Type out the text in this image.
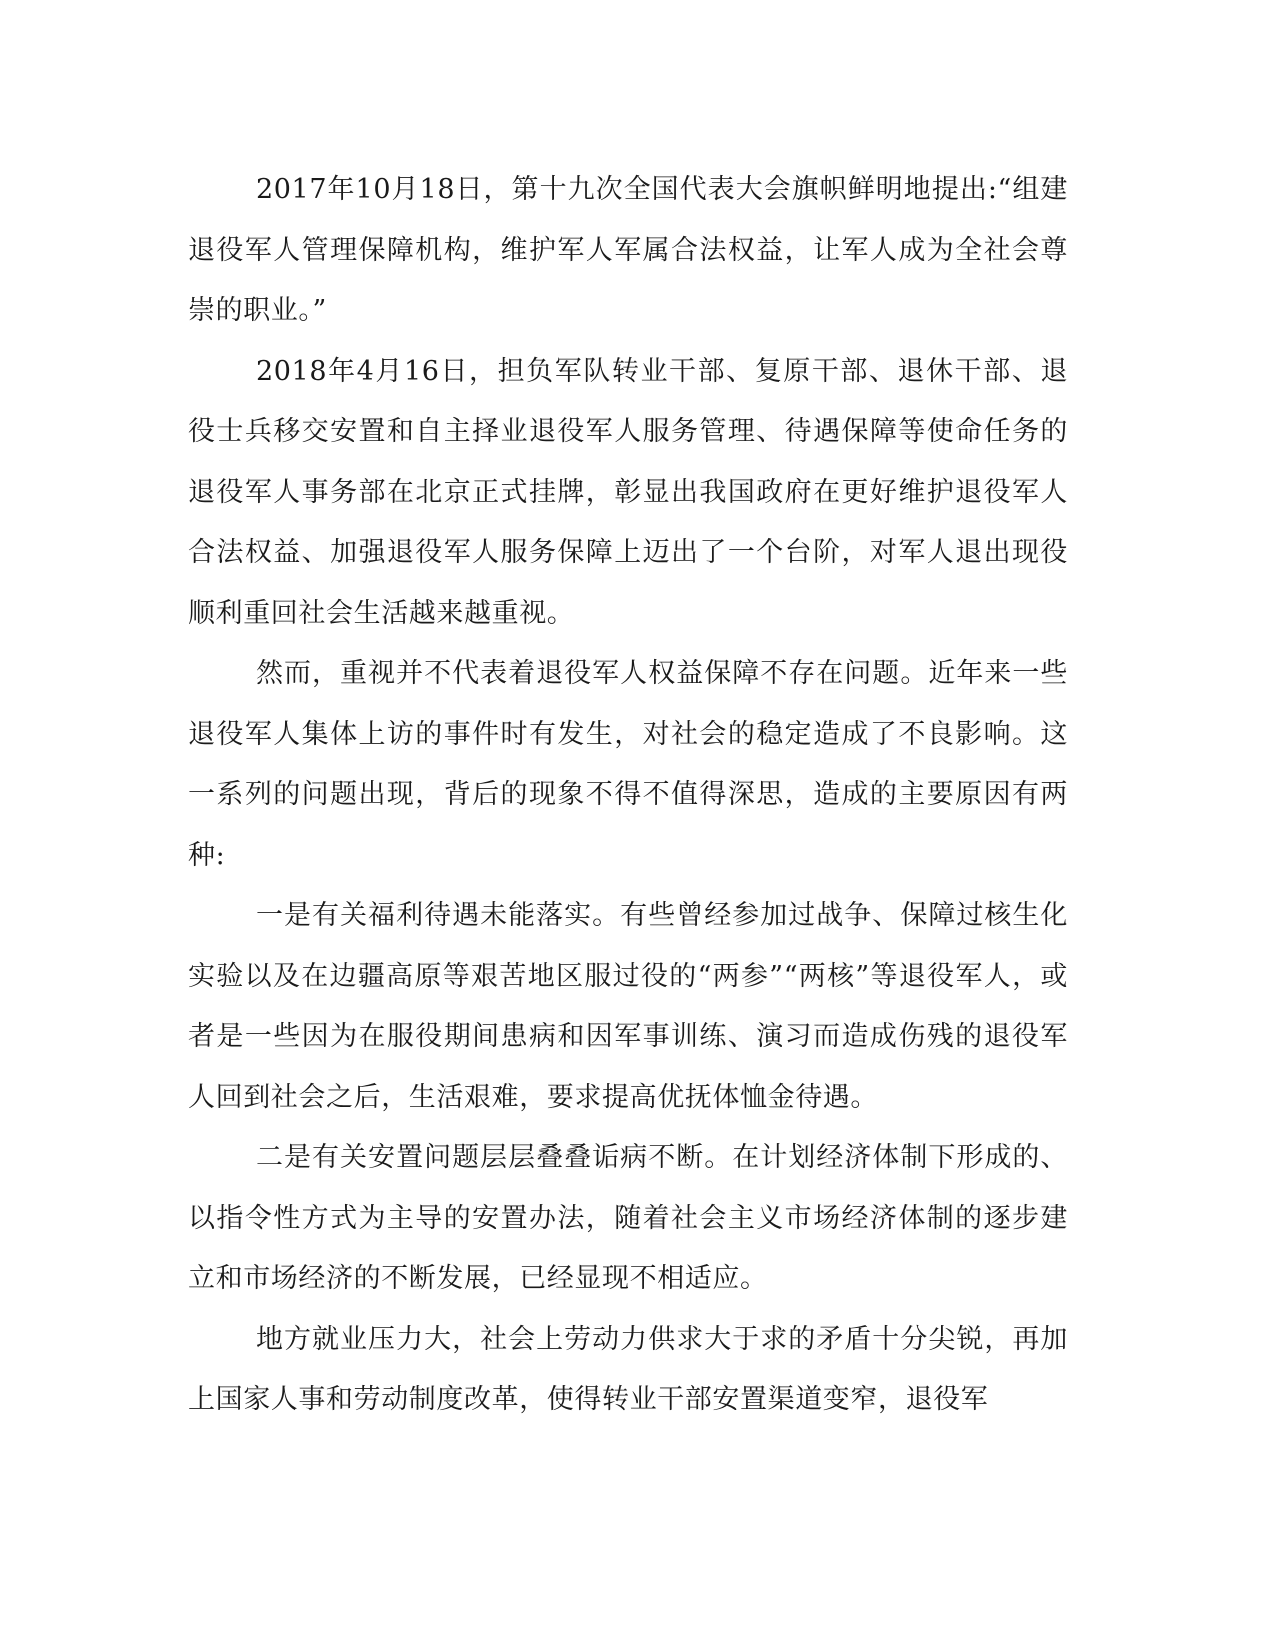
2017年10月18日，第十九次全国代表大会旗帜鲜明地提出:“组建退役军人管理保障机构，维护军人军属合法权益，让军人成为全社会尊崇的职业。”

2018年4月16日，担负军队转业干部、复原干部、退休干部、退役士兵移交安置和自主择业退役军人服务管理、待遇保障等使命任务的退役军人事务部在北京正式挂牌，彰显出我国政府在更好维护退役军人合法权益、加强退役军人服务保障上迈出了一个台阶，对军人退出现役顺利重回社会生活越来越重视。

然而，重视并不代表着退役军人权益保障不存在问题。近年来一些退役军人集体上访的事件时有发生，对社会的稳定造成了不良影响。这一系列的问题出现，背后的现象不得不值得深思，造成的主要原因有两种:

一是有关福利待遇未能落实。有些曾经参加过战争、保障过核生化实验以及在边疆高原等艰苦地区服过役的“两参”“两核”等退役军人，或者是一些因为在服役期间患病和因军事训练、演习而造成伤残的退役军人回到社会之后，生活艰难，要求提高优抚体恤金待遇。

二是有关安置问题层层叠叠诟病不断。在计划经济体制下形成的、以指令性方式为主导的安置办法，随着社会主义市场经济体制的逐步建立和市场经济的不断发展，已经显现不相适应。

地方就业压力大，社会上劳动力供求大于求的矛盾十分尖锐，再加上国家人事和劳动制度改革，使得转业干部安置渠道变窄，退役军
